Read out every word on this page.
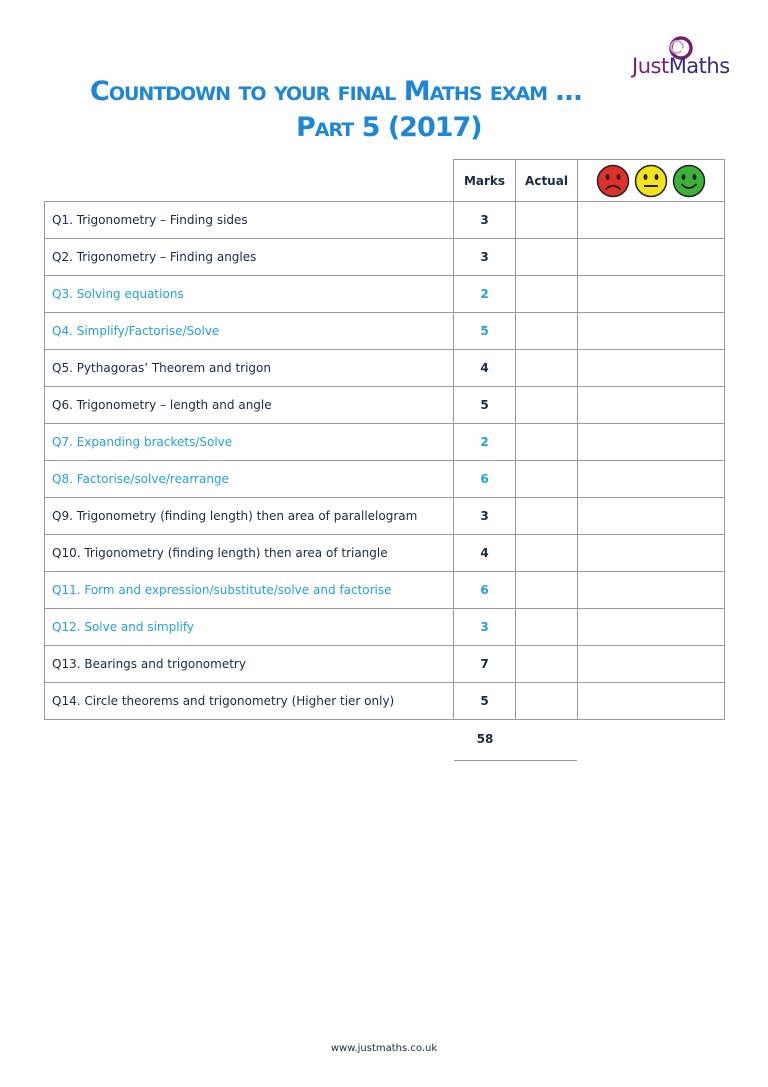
Countdown to your final Maths exam …
Part 5 (2017)
JustMaths
	Marks	Actual	

Q1. Trigonometry – Finding sides	3		
Q2. Trigonometry – Finding angles	3		
Q3. Solving equations	2		
Q4. Simplify/Factorise/Solve	5		
Q5. Pythagoras’ Theorem and trigon	4		
Q6. Trigonometry – length and angle	5		
Q7. Expanding brackets/Solve	2		
Q8. Factorise/solve/rearrange	6		
Q9. Trigonometry (finding length) then area of parallelogram	3		
Q10. Trigonometry (finding length) then area of triangle	4		
Q11. Form and expression/substitute/solve and factorise	6		
Q12. Solve and simplify	3		
Q13. Bearings and trigonometry	7		
Q14. Circle theorems and trigonometry (Higher tier only)	5		
58
www.justmaths.co.uk
